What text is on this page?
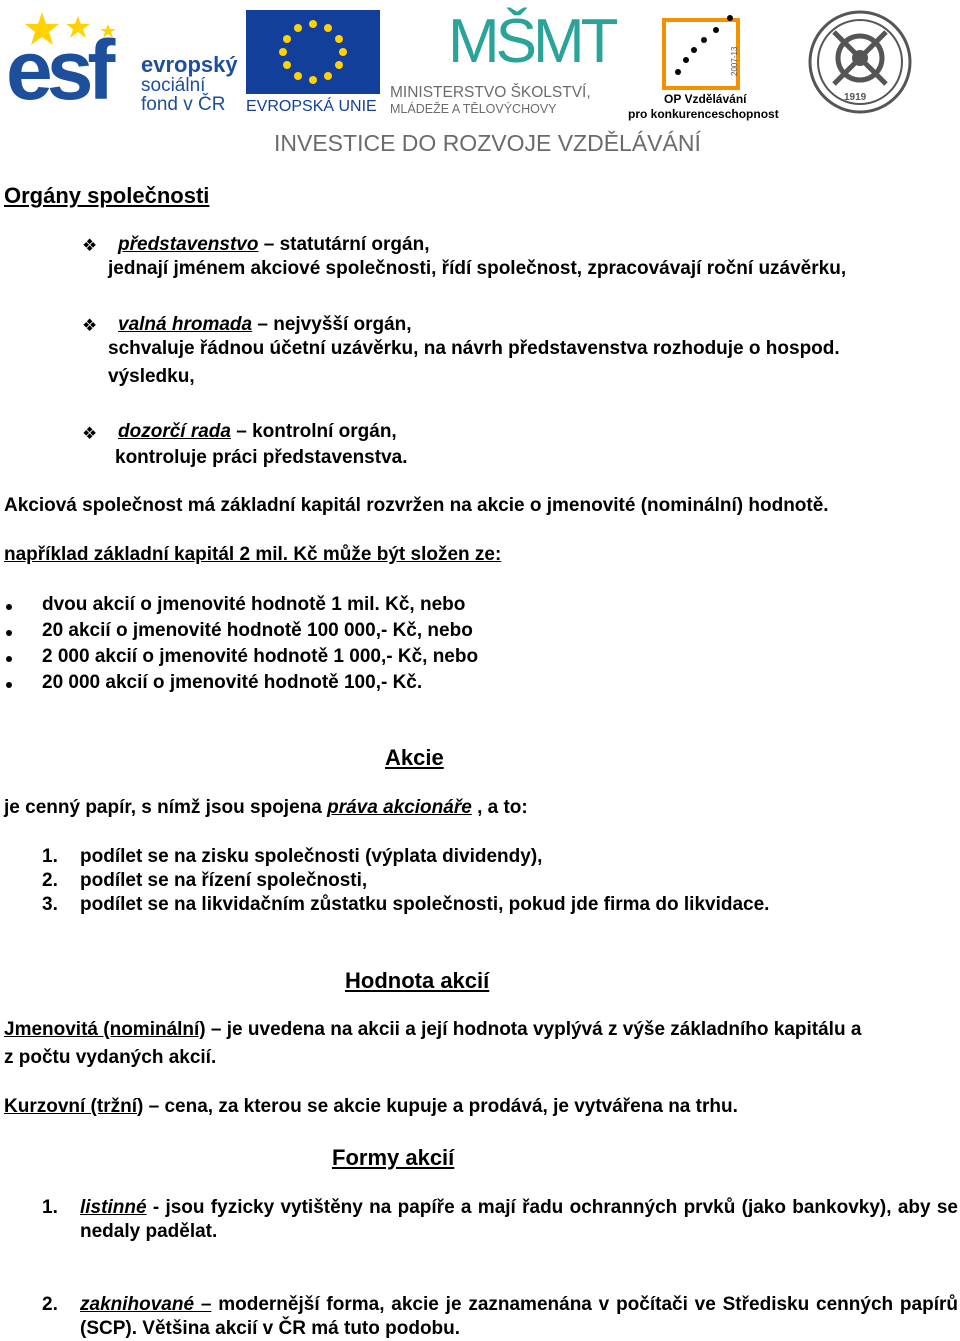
esf evropský
sociální
fond v ČR EVROPSKÁ UNIE
MŠMT
MINISTERSTVO ŠKOLSTVÍ,
MLÁDEŽE A TĚLOVÝCHOVY
2007-13
OP Vzdělávání
pro konkurenceschopnost
1919
INVESTICE DO ROZVOJE VZDĚLÁVÁNÍ
Orgány společnosti
❖ představenstvo – statutární orgán,
jednají jménem akciové společnosti, řídí společnost, zpracovávají roční uzávěrku,
❖ valná hromada – nejvyšší orgán,
schvaluje řádnou účetní uzávěrku, na návrh představenstva rozhoduje o hospod.
výsledku,
❖ dozorčí rada – kontrolní orgán,
kontroluje práci představenstva.
Akciová společnost má základní kapitál rozvržen na akcie o jmenovité (nominální) hodnotě.
například základní kapitál 2 mil. Kč může být složen ze:
dvou akcií o jmenovité hodnotě 1 mil. Kč, nebo
20 akcií o jmenovité hodnotě 100 000,- Kč, nebo
2 000 akcií o jmenovité hodnotě 1 000,- Kč, nebo
20 000 akcií o jmenovité hodnotě 100,- Kč.
Akcie
je cenný papír, s nímž jsou spojena práva akcionáře , a to:
1. podílet se na zisku společnosti (výplata dividendy),
2. podílet se na řízení společnosti,
3. podílet se na likvidačním zůstatku společnosti, pokud jde firma do likvidace.
Hodnota akcií
Jmenovitá (nominální) – je uvedena na akcii a její hodnota vyplývá z výše základního kapitálu a
z počtu vydaných akcií.
Kurzovní (tržní) – cena, za kterou se akcie kupuje a prodává, je vytvářena na trhu.
Formy akcií
1. listinné - jsou fyzicky vytištěny na papíře a mají řadu ochranných prvků (jako bankovky), aby se nedaly padělat.
2. zaknihované – modernější forma, akcie je zaznamenána v počítači ve Středisku cenných papírů (SCP). Většina akcií v ČR má tuto podobu.
